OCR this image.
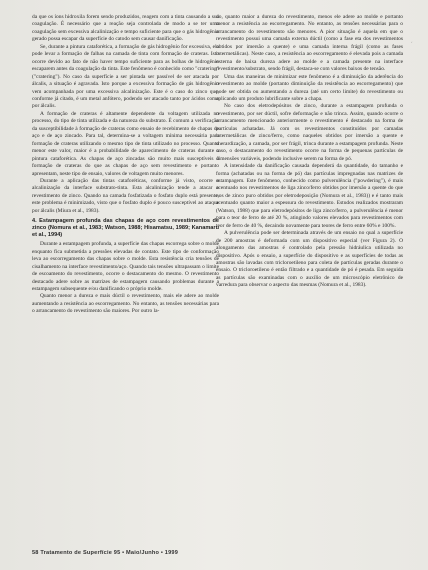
da que os íons hidroxila forem sendo produzidos, reagem com a tinta causando a sua coagulação. É necessário que a reação seja controlada de modo a se ter uma coagulação sem excessiva alcalinização e tempo suficiente para que o gás hidrogênio gerado possa escapar da superfície do catodo sem causar danificação.

Se, durante a pintura cataforética, a formação de gás hidrogênio for excessiva, ela pode levar a formação de falhas na camada de tinta com formação de crateras. Isto ocorre devido ao fato de não haver tempo suficiente para as bolhas de hidrogênio escaparem antes da coagulação da tinta. Este fenômeno é conhecido como "cratering" ("cratering"). No caso da superfície a ser pintada ser passível de ser atacada por álcalis, a situação é agravada. Isto porque a excessiva formação de gás hidrogênio vem acompanhada por uma excessiva alcalinização. Este é o caso do zinco que, conforme já citado, é um metal anfótero, podendo ser atacado tanto por ácidos como por álcalis.

A formação de crateras é altamente dependente da voltagem utilizada no processo, do tipo de tinta utilizada e da natureza do substrato. É comum a verificação da susceptibilidade à formação de crateras como ensaio de recebimento de chapas de aço e de aço zincado. Para tal, determina-se a voltagem mínima necessária para formação de crateras utilizando o mesmo tipo de tinta utilizado no processo. Quanto menor este valor, maior é a probabilidade de aparecimento de crateras durante a pintura cataforética. As chapas de aço zincadas são muito mais susceptíveis à formação de crateras do que as chapas de aço sem revestimento e portanto apresentam, neste tipo de ensaio, valores de voltagem muito menores.

Durante a aplicação das tintas cataforéticas, conforme já visto, ocorre a alcalinização da interface substrato-tinta. Esta alcalinização tende a atacar o revestimento de zinco. Quando na camada fosfatizada o fosfato duplo está presente, este problema é minimizado, visto que o fosfato duplo é pouco susceptível ao ataque por álcalis (Miura et al., 1983).

4. Estampagem profunda das chapas de aço com revestimentos de zinco (Nomura et al., 1983; Watson, 1988; Hisamatsu, 1989; Kanamaru et al., 1994)

Durante a estampagem profunda, a superfície das chapas escorrega sobre o molde enquanto fica submetida a pressões elevadas de contato. Este tipo de conformação leva ao escorregamento das chapas sobre o molde. Esta resistência cria tensões de cisalhamento na interface revestimento/aço. Quando tais tensões ultrapassam o limite de escoamento do revestimento, ocorre o destacamento do mesmo. O revestimento destacado adere sobre as matrizes de estampagem causando problemas durante a estampagem subsequente e/ou danificando o próprio molde.

Quanto menor a dureza e mais dúctil o revestimento, mais ele adere ao molde aumentando a resistência ao escorregamento. No entanto, as tensões necessárias para o arrancamento do revestimento são maiores. Por outro la-

do, quanto maior a dureza do revestimento, menos ele adere ao molde e portanto menor a resistência ao escorregamento. No entanto, as tensões necessárias para o arrancamento do revestimento são menores. A pior situação é aquela em que o revestimento possui uma camada externa dúctil (como a fase eta dos revestimentos obtidos por imersão a quente) e uma camada interna frágil (como as fases intermetálicas). Neste caso, a resistência ao escorregamento é elevada pois a camada externa de baixa dureza adere ao molde e a camada presente na interface revestimento/substrato, sendo frágil, destaca-se com valores baixos de tensão.

Uma das maneiras de minimizar este fenômeno é a diminuição da aderência do revestimento ao molde (portanto diminuição da resistência ao escorregamento) que pode ser obtida ou aumentando a dureza (até um certo limite) do revestimento ou aplicando um produto lubrificante sobre a chapa.

No caso dos eletrodepósitos de zinco, durante a estampagem profunda o revestimento, por ser dúctil, sofre deformação e não trinca. Assim, quando ocorre o arrancamento mencionado anteriormente o revestimento é destacado na forma de partículas achatadas. Já com os revestimentos constituídos por camadas intermetálicas de zinco/ferro, como naqueles obtidos por imersão a quente e sherardização, a camada, por ser frágil, trinca durante a estampagem profunda. Neste caso, o destacamento do revestimento ocorre na forma de pequenas partículas de dimensões variáveis, podendo inclusive serem na forma de pó.

A intensidade da danificação causada dependerá da quantidade, do tamanho e forma (achatadas ou na forma de pó) das partículas impregnadas nas matrizes de estampagem. Este fenômeno, conhecido como pulverulência ("powdering"), é mais acentuado nos revestimentos de liga zinco/ferro obtidos por imersão a quente do que nos de zinco puro obtidos por eletrodeposição (Nomura et al., 1983)) e é tanto mais acentuado quanto maior a espessura do revestimento. Estudos realizados mostraram (Watson, 1988) que para eletrodepósitos de liga zinco/ferro, a pulverulência é menor para o teor de ferro de até 20 %, atingindo valores elevados para revestimentos com teor de ferro de 40 %, decaindo novamente para teores de ferro entre 60% e 100%.

A pulverulência pode ser determinada através de um ensaio no qual a superfície de 200 amostras é deformada com um dispositivo especial (ver Figura 2). O alongamento das amostras é controlado pela pressão hidráulica utilizada no dispositivo. Após o ensaio, a superfície do dispositivo e as superfícies de todas as amostras são lavadas com tricloroetileno para coleta de partículas geradas durante o ensaio. O tricloroetileno é então filtrado e a quantidade de pó é pesada. Em seguida as partículas são examinadas com o auxílio de um microscópio eletrônico de varredura para observar o aspecto das mesmas (Nomura et al., 1983).

ʻ
58 Tratamento de Superfície 95 • Maio/Junho • 1999
